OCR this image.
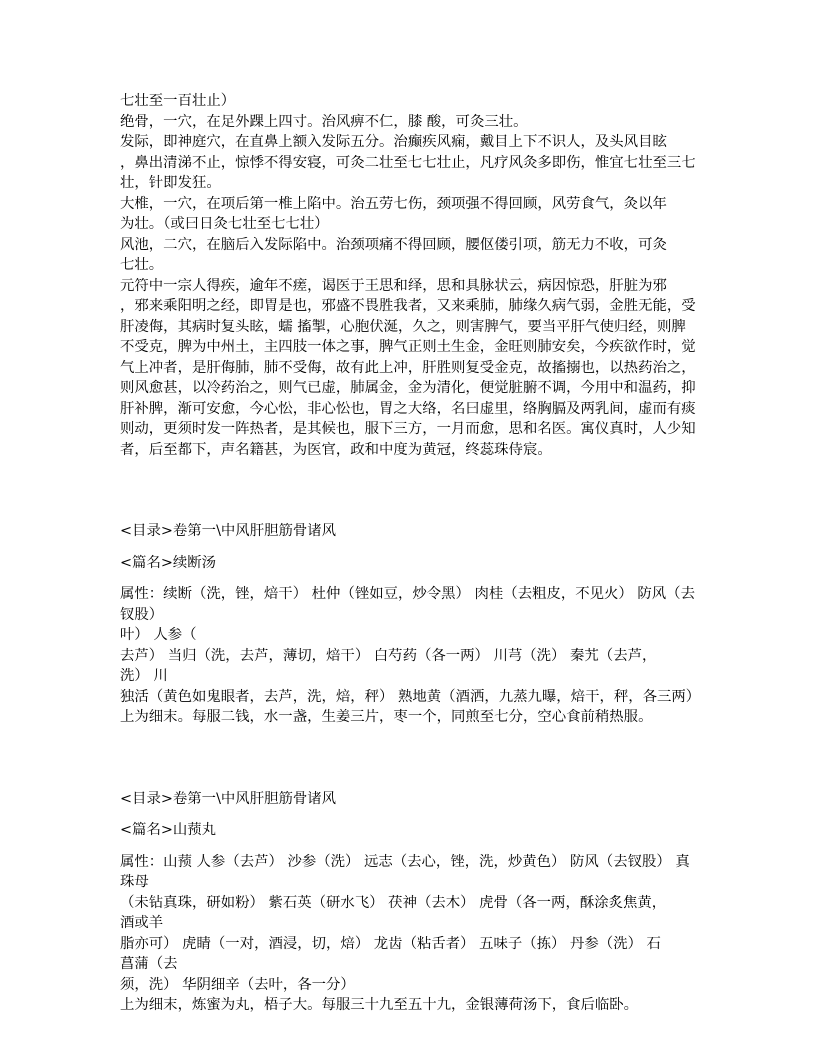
七壮至一百壮止）
绝骨，一穴，在足外踝上四寸。治风痹不仁，膝 酸，可灸三壮。
发际，即神庭穴，在直鼻上额入发际五分。治癫疾风痫，戴目上下不识人，及头风目眩
，鼻出清涕不止，惊悸不得安寝，可灸二壮至七七壮止，凡疗风灸多即伤，惟宜七壮至三七
壮，针即发狂。
大椎，一穴，在项后第一椎上陷中。治五劳七伤，颈项强不得回顾，风劳食气，灸以年
为壮。（或曰日灸七壮至七七壮）
风池，二穴，在脑后入发际陷中。治颈项痛不得回顾，腰伛偻引项，筋无力不收，可灸
七壮。
元符中一宗人得疾，逾年不瘥，谒医于王思和绎，思和具脉状云，病因惊恐，肝脏为邪
，邪来乘阳明之经，即胃是也，邪盛不畏胜我者，又来乘肺，肺缘久病气弱，金胜无能，受
肝凌侮，其病时复头眩，蠕 搐掣，心胞伏涎，久之，则害脾气，要当平肝气使归经，则脾
不受克，脾为中州土，主四肢一体之事，脾气正则土生金，金旺则肺安矣，今疾欲作时，觉
气上冲者，是肝侮肺，肺不受侮，故有此上冲，肝胜则复受金克，故搐搦也，以热药治之，
则风愈甚，以冷药治之，则气已虚，肺属金，金为清化，便觉脏腑不调，今用中和温药，抑
肝补脾，渐可安愈，今心忪，非心忪也，胃之大络，名曰虚里，络胸膈及两乳间，虚而有痰
则动，更须时发一阵热者，是其候也，服下三方，一月而愈，思和名医。寓仪真时，人少知
者，后至都下，声名籍甚，为医官，政和中度为黄冠，终蕊珠侍宸。
<目录>卷第一\中风肝胆筋骨诸风
<篇名>续断汤
属性：续断（洗，锉，焙干） 杜仲（锉如豆，炒令黑） 肉桂（去粗皮，不见火） 防风（去
钗股）
叶） 人参（
去芦） 当归（洗，去芦，薄切，焙干） 白芍药（各一两） 川芎（洗） 秦艽（去芦，
洗） 川
独活（黄色如鬼眼者，去芦，洗，焙，秤） 熟地黄（酒洒，九蒸九曝，焙干，秤，各三两）
上为细末。每服二钱，水一盏，生姜三片，枣一个，同煎至七分，空心食前稍热服。
<目录>卷第一\中风肝胆筋骨诸风
<篇名>山蓣丸
属性：山蓣 人参（去芦） 沙参（洗） 远志（去心，锉，洗，炒黄色） 防风（去钗股） 真
珠母
（未钻真珠，研如粉） 紫石英（研水飞） 茯神（去木） 虎骨（各一两，酥涂炙焦黄，
酒或羊
脂亦可） 虎睛（一对，酒浸，切，焙） 龙齿（粘舌者） 五味子（拣） 丹参（洗） 石
菖蒲（去
须，洗） 华阴细辛（去叶，各一分）
上为细末，炼蜜为丸，梧子大。每服三十九至五十九，金银薄荷汤下，食后临卧。
